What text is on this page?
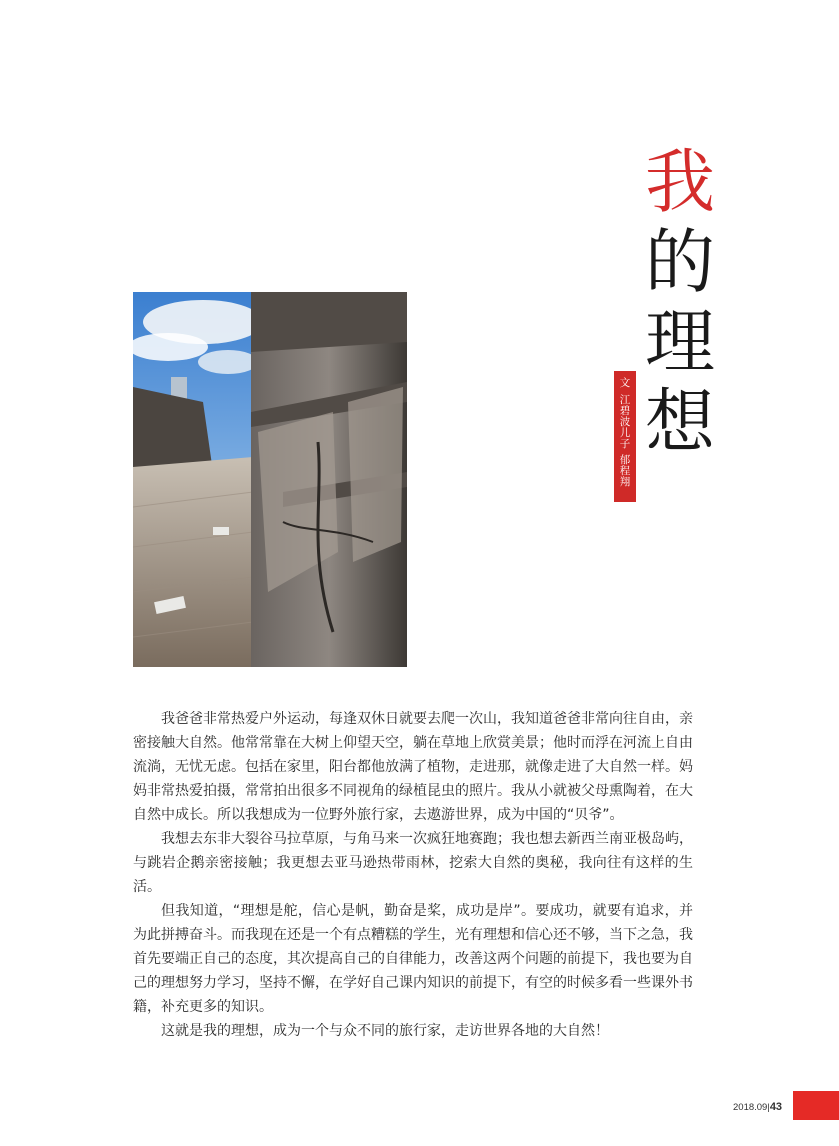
我
的
理
想
文
江碧波儿子
郁程翔

我爸爸非常热爱户外运动，每逢双休日就要去爬一次山，我知道爸爸非常向往自由，亲密接触大自然。他常常靠在大树上仰望天空，躺在草地上欣赏美景；他时而浮在河流上自由流淌，无忧无虑。包括在家里，阳台都他放满了植物，走进那，就像走进了大自然一样。妈妈非常热爱拍摄，常常拍出很多不同视角的绿植昆虫的照片。我从小就被父母熏陶着，在大自然中成长。所以我想成为一位野外旅行家，去遨游世界，成为中国的“贝爷”。

我想去东非大裂谷马拉草原，与角马来一次疯狂地赛跑；我也想去新西兰南亚极岛屿，与跳岩企鹅亲密接触；我更想去亚马逊热带雨林，挖索大自然的奥秘，我向往有这样的生活。

但我知道，“理想是舵，信心是帆，勤奋是桨，成功是岸”。要成功，就要有追求，并为此拼搏奋斗。而我现在还是一个有点糟糕的学生，光有理想和信心还不够，当下之急，我首先要端正自己的态度，其次提高自己的自律能力，改善这两个问题的前提下，我也要为自己的理想努力学习，坚持不懈，在学好自己课内知识的前提下，有空的时候多看一些课外书籍，补充更多的知识。

这就是我的理想，成为一个与众不同的旅行家，走访世界各地的大自然！

2018.09|43
